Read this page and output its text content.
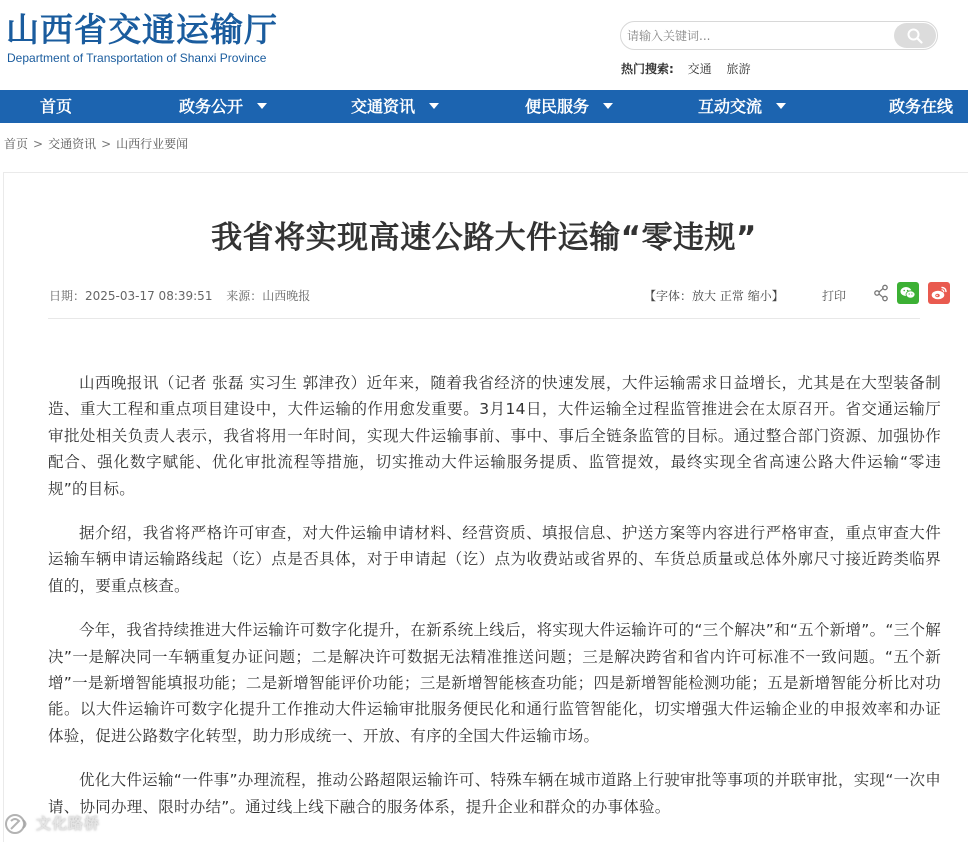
山西省交通运输厅
Department of Transportation of Shanxi Province
请输入关键词...
热门搜索: 交通 旅游
首页	政务公开	交通资讯	便民服务	互动交流	政务在线
首页 > 交通资讯 > 山西行业要闻
我省将实现高速公路大件运输“零违规”
日期：2025-03-17 08:39:51 来源：山西晚报	【字体：放大 正常 缩小】	打印

山西晚报讯（记者 张磊 实习生 郭津孜）近年来，随着我省经济的快速发展，大件运输需求日益增长，尤其是在大型装备制造、重大工程和重点项目建设中，大件运输的作用愈发重要。3月14日，大件运输全过程监管推进会在太原召开。省交通运输厅审批处相关负责人表示，我省将用一年时间，实现大件运输事前、事中、事后全链条监管的目标。通过整合部门资源、加强协作配合、强化数字赋能、优化审批流程等措施，切实推动大件运输服务提质、监管提效，最终实现全省高速公路大件运输“零违规”的目标。

据介绍，我省将严格许可审查，对大件运输申请材料、经营资质、填报信息、护送方案等内容进行严格审查，重点审查大件运输车辆申请运输路线起（讫）点是否具体，对于申请起（讫）点为收费站或省界的、车货总质量或总体外廓尺寸接近跨类临界值的，要重点核查。

今年，我省持续推进大件运输许可数字化提升，在新系统上线后，将实现大件运输许可的“三个解决”和“五个新增”。“三个解决”一是解决同一车辆重复办证问题；二是解决许可数据无法精准推送问题；三是解决跨省和省内许可标准不一致问题。“五个新增”一是新增智能填报功能；二是新增智能评价功能；三是新增智能核查功能；四是新增智能检测功能；五是新增智能分析比对功能。以大件运输许可数字化提升工作推动大件运输审批服务便民化和通行监管智能化，切实增强大件运输企业的申报效率和办证体验，促进公路数字化转型，助力形成统一、开放、有序的全国大件运输市场。

优化大件运输“一件事”办理流程，推动公路超限运输许可、特殊车辆在城市道路上行驶审批等事项的并联审批，实现“一次申请、协同办理、限时办结”。通过线上线下融合的服务体系，提升企业和群众的办事体验。

文化路桥
